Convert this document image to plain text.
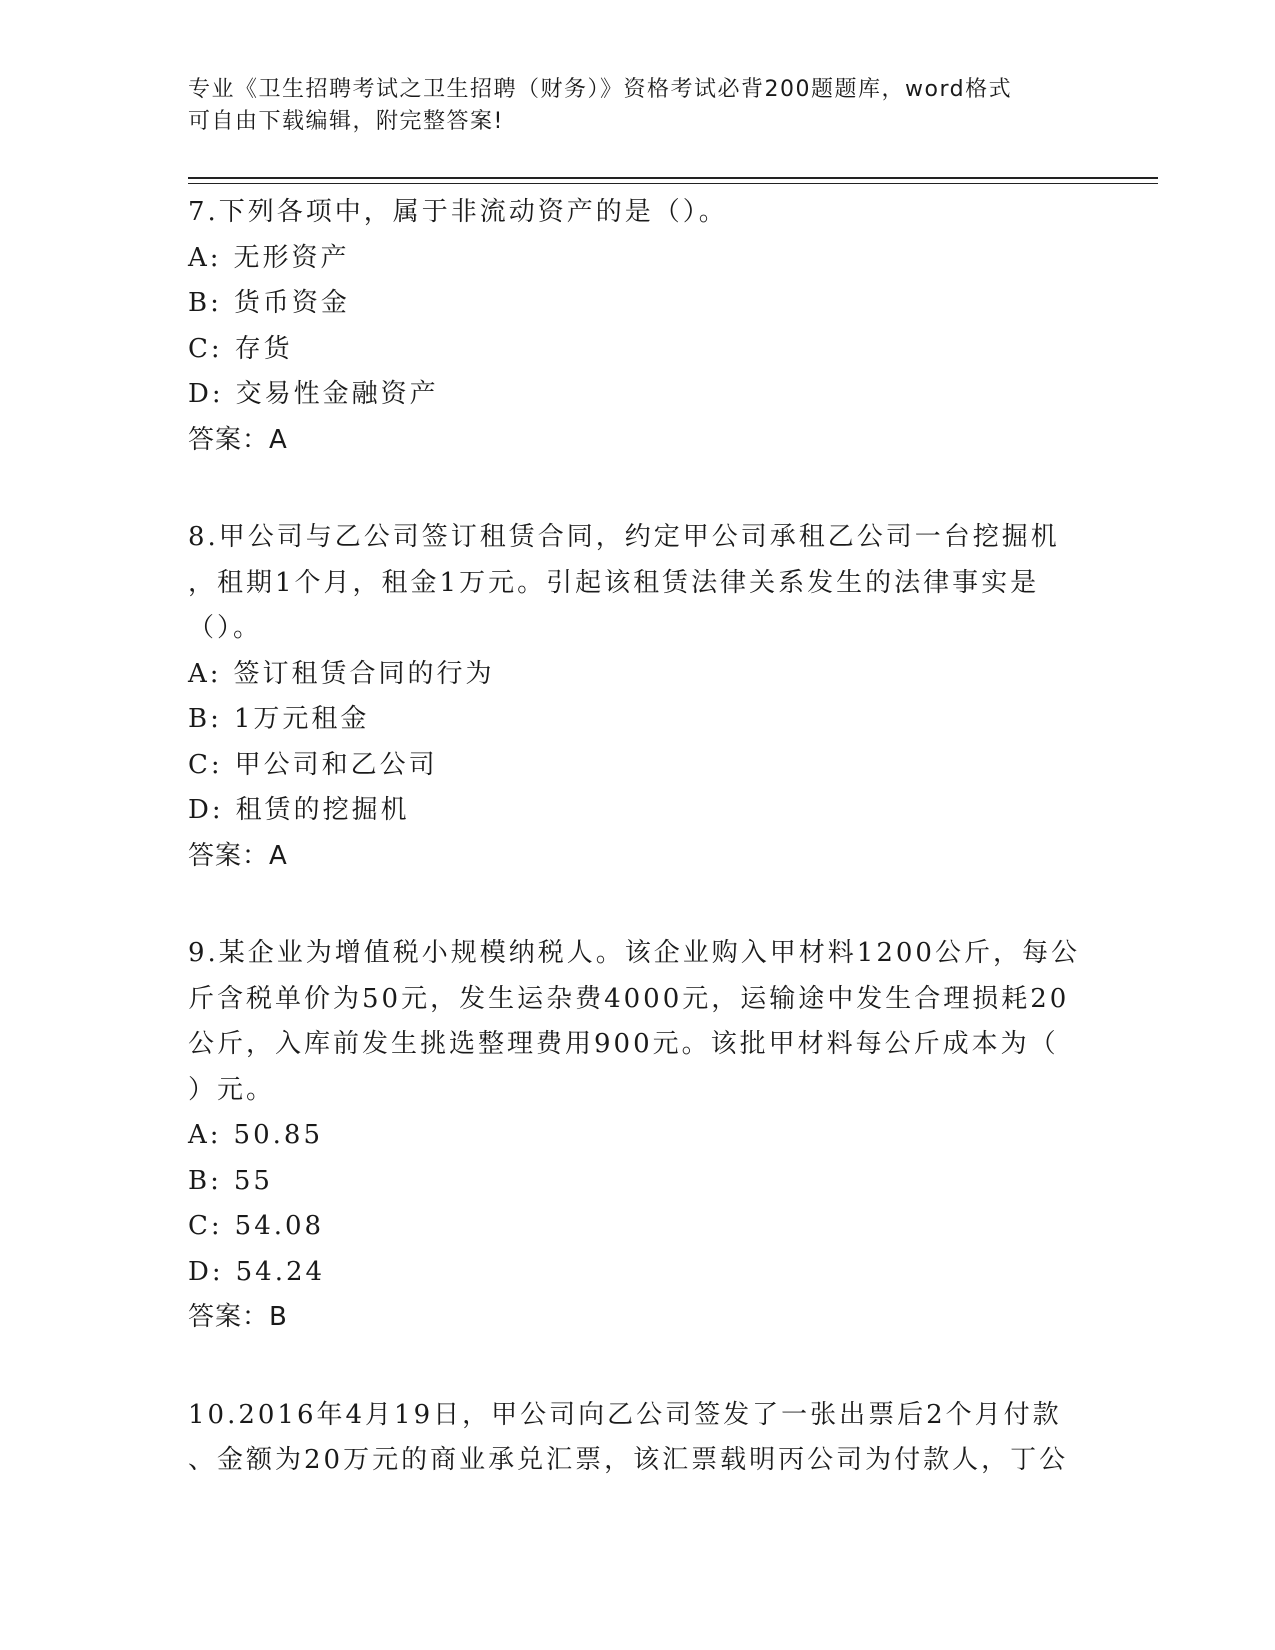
专业《卫生招聘考试之卫生招聘（财务）》资格考试必背200题题库，word格式
可自由下载编辑，附完整答案!
7.下列各项中，属于非流动资产的是（）。
A: 无形资产
B: 货币资金
C: 存货
D: 交易性金融资产
答案：A
8.甲公司与乙公司签订租赁合同，约定甲公司承租乙公司一台挖掘机
，租期1个月，租金1万元。引起该租赁法律关系发生的法律事实是
（）。
A: 签订租赁合同的行为
B: 1万元租金
C: 甲公司和乙公司
D: 租赁的挖掘机
答案：A
9.某企业为增值税小规模纳税人。该企业购入甲材料1200公斤，每公
斤含税单价为50元，发生运杂费4000元，运输途中发生合理损耗20
公斤，入库前发生挑选整理费用900元。该批甲材料每公斤成本为（
）元。
A: 50.85
B: 55
C: 54.08
D: 54.24
答案：B
10.2016年4月19日，甲公司向乙公司签发了一张出票后2个月付款
、金额为20万元的商业承兑汇票，该汇票载明丙公司为付款人，丁公
